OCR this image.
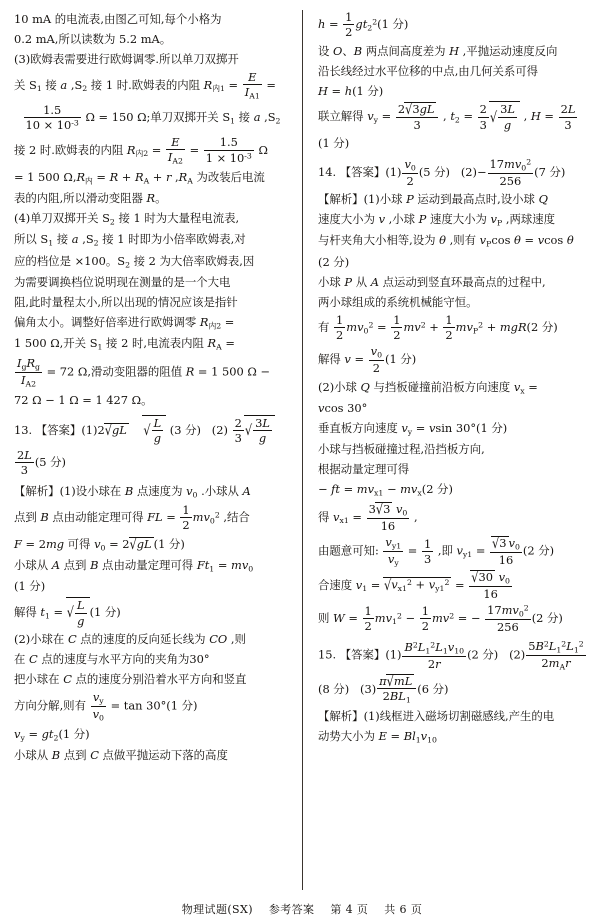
10 mA 的电流表,由图乙可知,每个小格为

0.2 mA,所以读数为 5.2 mA。

(3)欧姆表需要进行欧姆调零.所以单刀双掷开

关 $S_1$ 接 a $,S_2$ 接 1 时.欧姆表的内阻 $R_{内1} = \frac{E}{I_{A1}}$ =

$\frac{1.5}{10 \times 10^{-3}}$ Ω = 150 Ω;单刀双掷开关 $S_1$ 接 a $,S_2$

接 2 时.欧姆表的内阻 $R_{内2} = \frac{E}{I_{A2}} = \frac{1.5}{1 \times 10^{-3}}$ Ω

= 1 500 $\Omega,R_内 = R + R_A + r$ $,R_A$ 为改装后电流

表的内阻,所以滑动变阻器 R。

(4)单刀双掷开关 $S_2$ 接 1 时为大量程电流表,

所以 $S_1$ 接 a $,S_2$ 接 1 时即为小倍率欧姆表,对

应的档位是 ×100。$S_2$ 接 2 为大倍率欧姆表,因

为需要调换档位说明现在测量的是一个大电

阻,此时量程太小,所以出现的情况应该是指针

偏角太小。调整好倍率进行欧姆调零 $R_{内2}$ =

1 500 Ω,开关 $S_1$ 接 2 时,电流表内阻 $R_A$ =

$\frac{I_gR_g}{I_{A2}} = 72$ Ω,滑动变阻器的阻值 R = 1 500 Ω −

72 Ω − 1 Ω = 1 427 Ω。

13. 【答案】(1)2√gL √ $\frac{L}{g} (3$ 分)   $(2) \frac{2}{3}$ √ $\frac{3L}{g}$

$\frac{2L}{3} (5$ 分)

【解析】(1)设小球在 B 点速度为 $v_0$ .小球从 A

点到 B 点由动能定理可得 FL = $\frac{1}{2} mv_0^2$ ,结合

F = 2mg 可得 $v_0 = 2√gL$ (1 分)

小球从 A 点到 B 点由动量定理可得 $Ft_1 = mv_0$

(1 分)

解得 $t_1$ = √ $\frac{L}{g} (1$ 分)

(2)小球在 C 点的速度的反向延长线为 CO ,则

在 C 点的速度与水平方向的夹角为30°

把小球在 C 点的速度分别沿着水平方向和竖直

方向分解,则有 $\frac{v_y}{v_0} = \tan 30^\circ(1$ 分)

$v_y = gt_2(1$ 分)

小球从 B 点到 C 点做平抛运动下落的高度

$h = \frac{1}{2} gt_2^2(1$ 分)

设 O、B 两点间高度差为 H ,平抛运动速度反向

沿长线经过水平位移的中点,由几何关系可得

H = h(1 分)

联立解得 $v_y = \frac{2√3gL}{3}$ , $t_2 = \frac{2}{3}$ √ $\frac{3L}{g}$ , $H = \frac{2L}{3}$

(1 分)

14. 【答案】$(1) \frac{v_0}{2} (5$ 分)   $(2)- \frac{17mv_0^2}{256} (7$ 分)

【解析】(1)小球 P 运动到最高点时,设小球 Q

速度大小为 v ,小球 P 速度大小为 $v_P$ ,两球速度

与杆夹角大小相等,设为 θ ,则有 $v_P\cos$ θ = vcos θ

(2 分)

小球 P 从 A 点运动到竖直环最高点的过程中,

两小球组成的系统机械能守恒。

有 $\frac{1}{2} mv_0^2 = \frac{1}{2} mv^2 + \frac{1}{2} mv_P^2 + mgR(2$ 分)

解得 $v = \frac{v_0}{2} (1$ 分)

(2)小球 Q 与挡板碰撞前沿板方向速度 $v_x$ =

vcos 30°

垂直板方向速度 $v_y = vsin$ 30°(1 分)

小球与挡板碰撞过程,沿挡板方向,

根据动量定理可得

− ft = $mv_{x1} - mv_x(2$ 分)

得 $v_{x1} = \frac{3√3 v_0}{16}$ ,

由题意可知: $\frac{v_{y1}}{v_y} = \frac{1}{3}$ ,即 $v_{y1} = \frac{√3 v_0}{16} (2$ 分)

合速度 $v_1 = √v_{x1}^2 + v_{y1}^2 = \frac{√30 v_0}{16}$

则 $W = \frac{1}{2} mv_1^2 - \frac{1}{2} mv^2$ = − $\frac{17mv_0^2}{256} (2$ 分)

15. 【答案】$(1) \frac{B^2L_1^2L_1v_{10}}{2r} (2$ 分)   $(2) \frac{5B^2L_1^2L_1^2}{2m_Ar}$

(8 分)   $(3) \frac{\pi√mL}{2BL_1} (6$ 分)

【解析】(1)线框进入磁场切割磁感线,产生的电

动势大小为 $E = Bl_1v_{10}$

物理试题(SX) 参考答案 第 4 页 共 6 页
